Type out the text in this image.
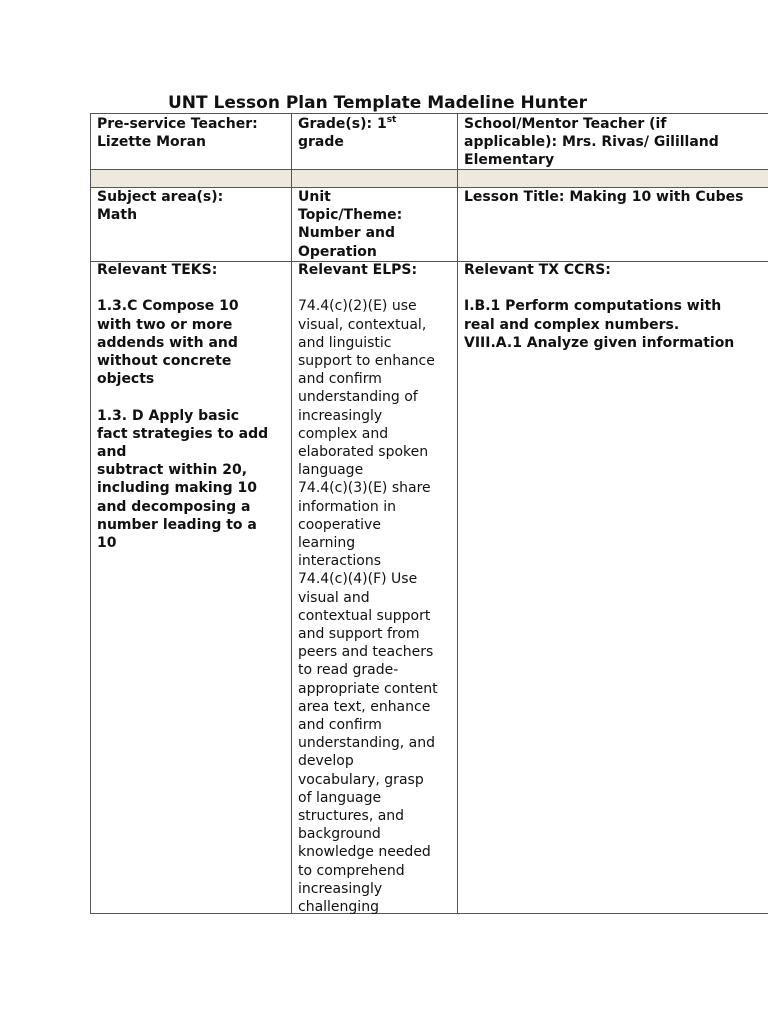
UNT Lesson Plan Template Madeline Hunter
Pre-service Teacher:
Lizette Moran
Grade(s): 1st
grade
School/Mentor Teacher (if
applicable): Mrs. Rivas/ Gililland
Elementary
Subject area(s):
Math
Unit
Topic/Theme:
Number and
Operation
Lesson Title: Making 10 with Cubes
Relevant TEKS:
1.3.C Compose 10
with two or more
addends with and
without concrete
objects
1.3. D Apply basic
fact strategies to add
and
subtract within 20,
including making 10
and decomposing a
number leading to a
10
Relevant ELPS:
74.4(c)(2)(E) use
visual, contextual,
and linguistic
support to enhance
and confirm
understanding of
increasingly
complex and
elaborated spoken
language
74.4(c)(3)(E) share
information in
cooperative
learning
interactions
74.4(c)(4)(F) Use
visual and
contextual support
and support from
peers and teachers
to read grade-
appropriate content
area text, enhance
and confirm
understanding, and
develop
vocabulary, grasp
of language
structures, and
background
knowledge needed
to comprehend
increasingly
challenging
Relevant TX CCRS:
I.B.1 Perform computations with
real and complex numbers.
VIII.A.1 Analyze given information
